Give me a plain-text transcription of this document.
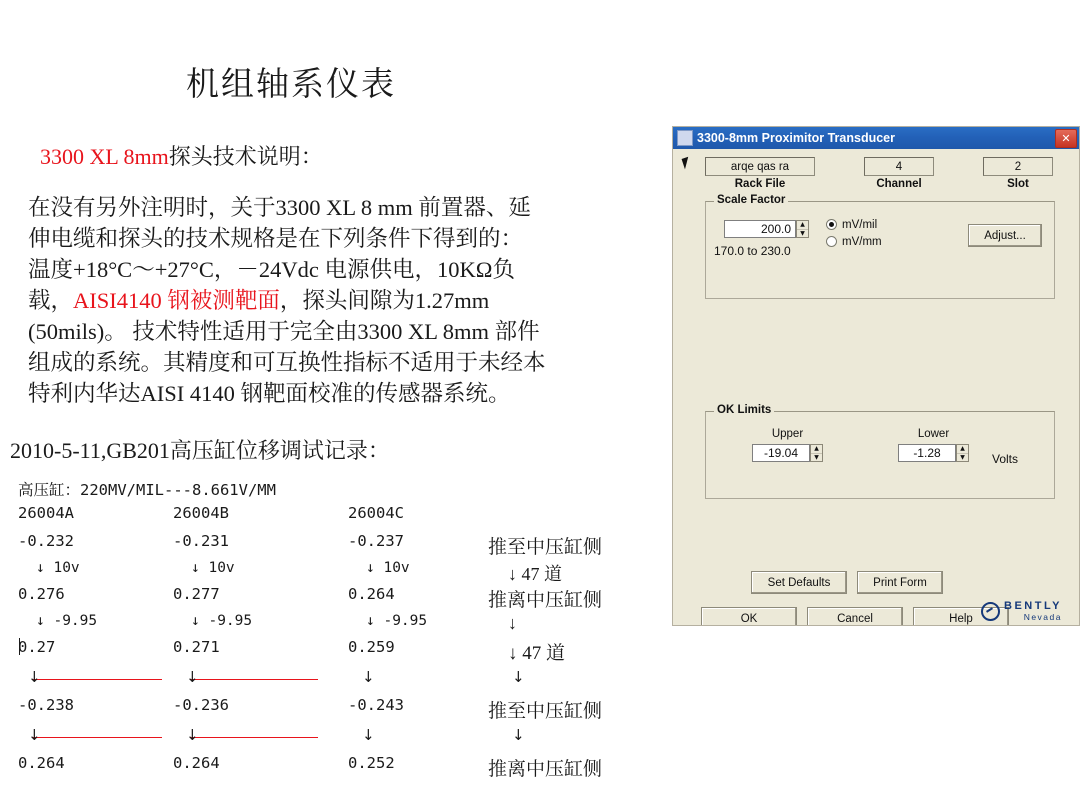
机组轴系仪表
3300 XL 8mm探头技术说明：
在没有另外注明时，关于3300 XL 8 mm 前置器、延
伸电缆和探头的技术规格是在下列条件下得到的：
温度+18°C～+27°C，－24Vdc 电源供电，10KΩ负
载，AISI4140 钢被测靶面，探头间隙为1.27mm
(50mils)。 技术特性适用于完全由3300 XL 8mm 部件
组成的系统。其精度和可互换性指标不适用于未经本
特利内华达AISI 4140 钢靶面校准的传感器系统。
2010-5-11,GB201高压缸位移调试记录：
高压缸：220MV/MIL---8.661V/MM
26004A	26004B	26004C
-0.232	-0.231	-0.237	推至中压缸侧
↓ 10v	↓ 10v	↓ 10v	↓ 47 道
0.276	0.277	0.264	推离中压缸侧
↓ -9.95	↓ -9.95	↓ -9.95	↓
0.27	0.271	0.259	↓ 47 道
↓	↓	↓	↓
-0.238	-0.236	-0.243	推至中压缸侧
↓	↓	↓	↓
0.264	0.264	0.252	推离中压缸侧
3300-8mm Proximitor Transducer	✕
arqe qas ra
Rack File
4
Channel
2
Slot
Scale Factor
200.0	▲
▼
170.0 to 230.0
mV/mil
mV/mm	Adjust...
OK Limits
Upper
-19.04	▲
▼
Lower
-1.28	▲
▼ Volts
Set Defaults	Print Form
OK	Cancel	Help
BENTLY
Nevada
